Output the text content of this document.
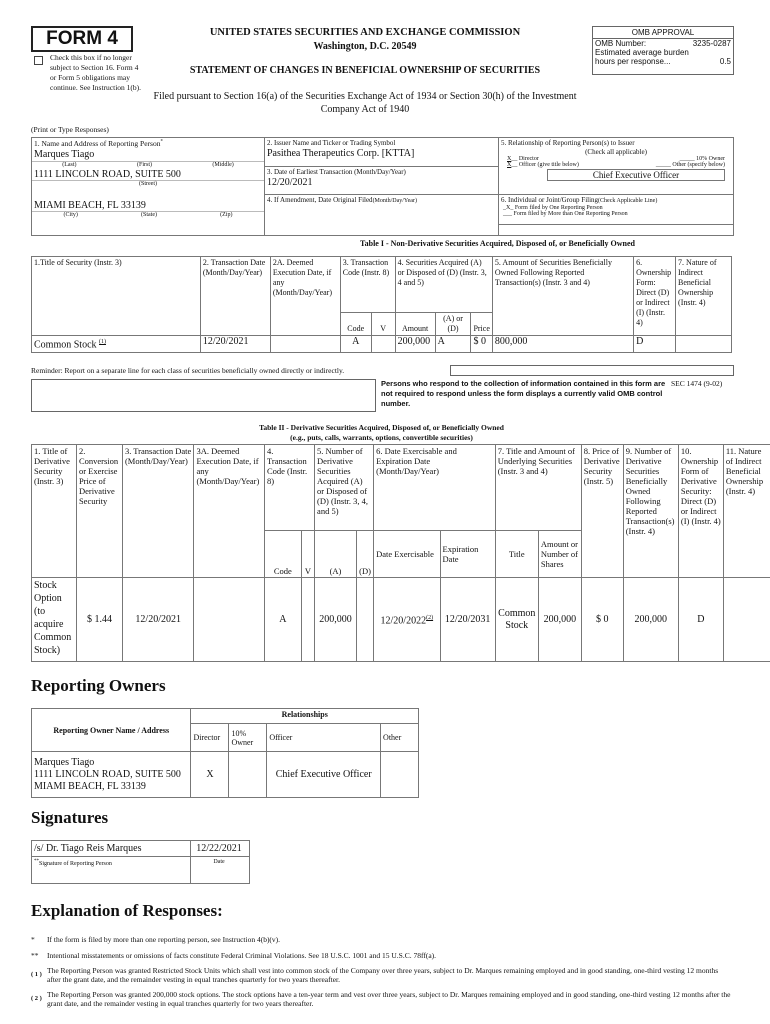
FORM 4
Check this box if no longer subject to Section 16. Form 4 or Form 5 obligations may continue. See Instruction 1(b).
UNITED STATES SECURITIES AND EXCHANGE COMMISSION
Washington, D.C. 20549
STATEMENT OF CHANGES IN BENEFICIAL OWNERSHIP OF SECURITIES
Filed pursuant to Section 16(a) of the Securities Exchange Act of 1934 or Section 30(h) of the Investment Company Act of 1940
OMB APPROVAL
OMB Number:	3235-0287
Estimated average burden
hours per response...	0.5
(Print or Type Responses)
1. Name and Address of Reporting Person*
Marques Tiago
(Last)	(First)	(Middle)
1111 LINCOLN ROAD, SUITE 500
(Street)
MIAMI BEACH, FL 33139
(City)	(State)	(Zip)
2. Issuer Name and Ticker or Trading Symbol
Pasithea Therapeutics Corp. [KTTA]
3. Date of Earliest Transaction (Month/Day/Year)
12/20/2021
4. If Amendment, Date Original Filed(Month/Day/Year)
5. Relationship of Reporting Person(s) to Issuer
(Check all applicable)
X__ Director	_____ 10% Owner
X__ Officer (give title below)	_____ Other (specify below)
Chief Executive Officer
6. Individual or Joint/Group Filing(Check Applicable Line)
_X_ Form filed by One Reporting Person
___ Form filed by More than One Reporting Person
Table I - Non-Derivative Securities Acquired, Disposed of, or Beneficially Owned
1.Title of Security (Instr. 3)	2. Transaction Date (Month/Day/Year)	2A. Deemed Execution Date, if any (Month/Day/Year)	3. Transaction Code (Instr. 8)		4. Securities Acquired (A) or Disposed of (D) (Instr. 3, 4 and 5)			5. Amount of Securities Beneficially Owned Following Reported Transaction(s) (Instr. 3 and 4)	6. Ownership Form: Direct (D) or Indirect (I) (Instr. 4)	7. Nature of Indirect Beneficial Ownership (Instr. 4)
			Code	V	Amount	(A) or (D)	Price			
Common Stock $^{(1)}$	12/20/2021		A		200,000	A	$ 0	800,000	D	
Reminder: Report on a separate line for each class of securities beneficially owned directly or indirectly.
Persons who respond to the collection of information contained in this form are not required to respond unless the form displays a currently valid OMB control number.
SEC 1474 (9-02)
Table II - Derivative Securities Acquired, Disposed of, or Beneficially Owned
(e.g., puts, calls, warrants, options, convertible securities)
1. Title of Derivative Security (Instr. 3)	2. Conversion or Exercise Price of Derivative Security	3. Transaction Date (Month/Day/Year)	3A. Deemed Execution Date, if any (Month/Day/Year)	4. Transaction Code (Instr. 8)		5. Number of Derivative Securities Acquired (A) or Disposed of (D) (Instr. 3, 4, and 5)		6. Date Exercisable and Expiration Date (Month/Day/Year)		7. Title and Amount of Underlying Securities (Instr. 3 and 4)		8. Price of Derivative Security (Instr. 5)	9. Number of Derivative Securities Beneficially Owned Following Reported Transaction(s) (Instr. 4)	10. Ownership Form of Derivative Security: Direct (D) or Indirect (I) (Instr. 4)	11. Nature of Indirect Beneficial Ownership (Instr. 4)
				Code	V	(A)	(D)	Date Exercisable	Expiration Date	Title	Amount or Number of Shares				
Stock Option (to acquire Common Stock)	$ 1.44	12/20/2021		A		200,000		12/20/2022$^{(2)}$	12/20/2031	Common Stock	200,000	$ 0	200,000	D	
Reporting Owners
Reporting Owner Name / Address	Relationships			
	Director	10% Owner	Officer	Other

Marques Tiago
1111 LINCOLN ROAD, SUITE 500
MIAMI BEACH, FL 33139	X		Chief Executive Officer	
Signatures
/s/ Dr. Tiago Reis Marques
**Signature of Reporting Person
12/22/2021
Date
Explanation of Responses:
*	If the form is filed by more than one reporting person, see Instruction 4(b)(v).
**	Intentional misstatements or omissions of facts constitute Federal Criminal Violations. See 18 U.S.C. 1001 and 15 U.S.C. 78ff(a).
( 1 ) The Reporting Person was granted Restricted Stock Units which shall vest into common stock of the Company over three years, subject to Dr. Marques remaining employed and in good standing, one-third vesting 12 months after the grant date, and the remainder vesting in equal tranches quarterly for two years thereafter.
( 2 ) The Reporting Person was granted 200,000 stock options. The stock options have a ten-year term and vest over three years, subject to Dr. Marques remaining employed and in good standing, one-third vesting 12 months after the grant date, and the remainder vesting in equal tranches quarterly for two years thereafter.
